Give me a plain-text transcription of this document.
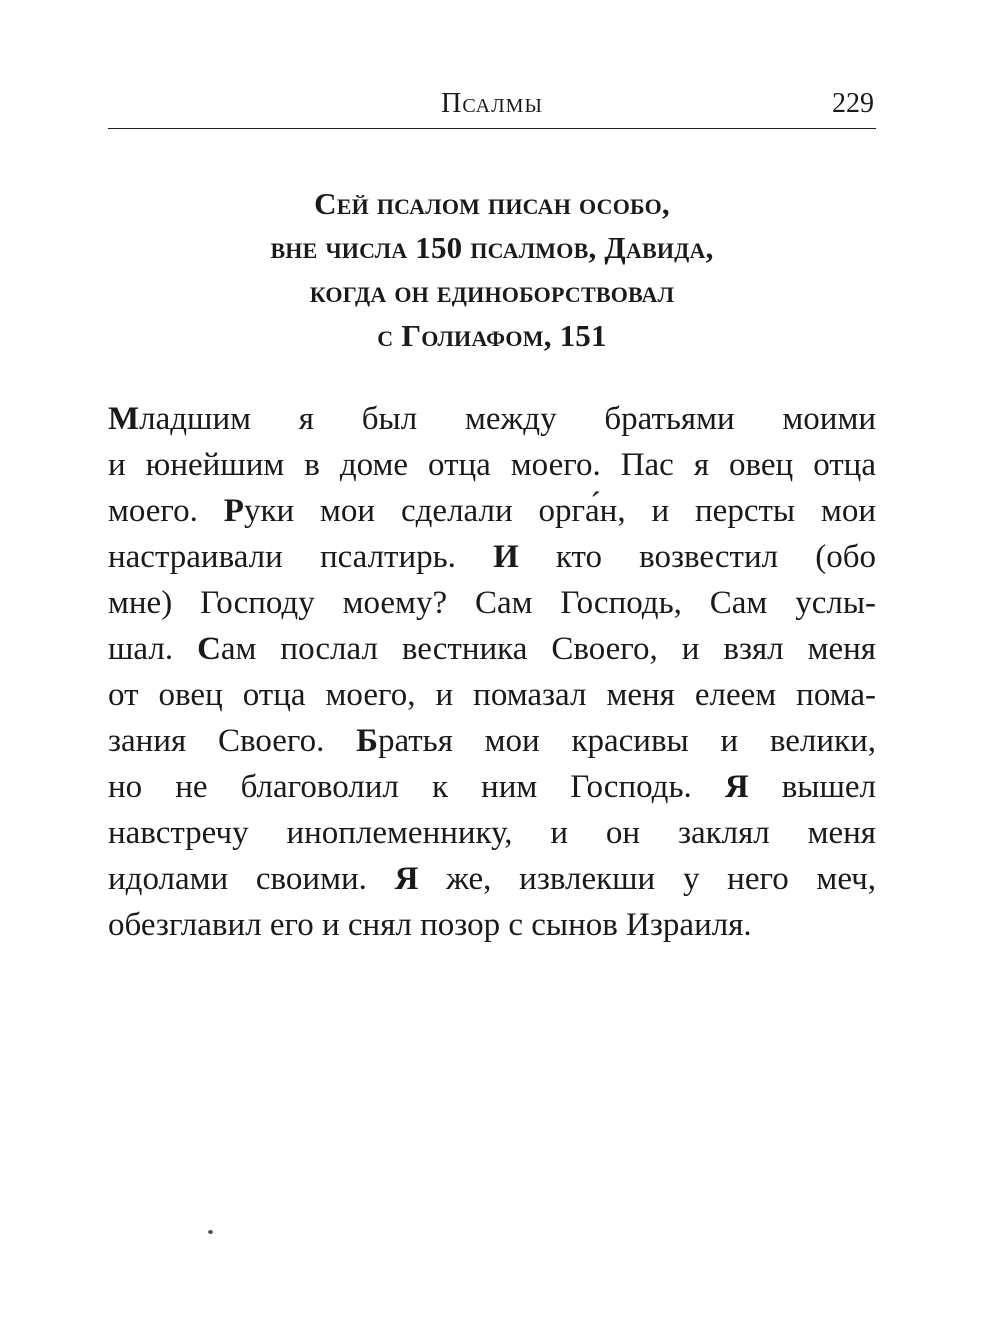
Псалмы	229
Сей псалом писан особо,
вне числа 150 псалмов, Давида,
когда он единоборствовал
с Голиафом, 151
Младшим я был между братьями моими
и юнейшим в доме отца моего. Пас я овец отца
моего. Руки мои сделали орга́н, и персты мои
настраивали псалтирь. И кто возвестил (обо
мне) Господу моему? Сам Господь, Сам услы-
шал. Сам послал вестника Своего, и взял меня
от овец отца моего, и помазал меня елеем пома-
зания Своего. Братья мои красивы и велики,
но не благоволил к ним Господь. Я вышел
навстречу иноплеменнику, и он заклял меня
идолами своими. Я же, извлекши у него меч,
обезглавил его и снял позор с сынов Израиля.
